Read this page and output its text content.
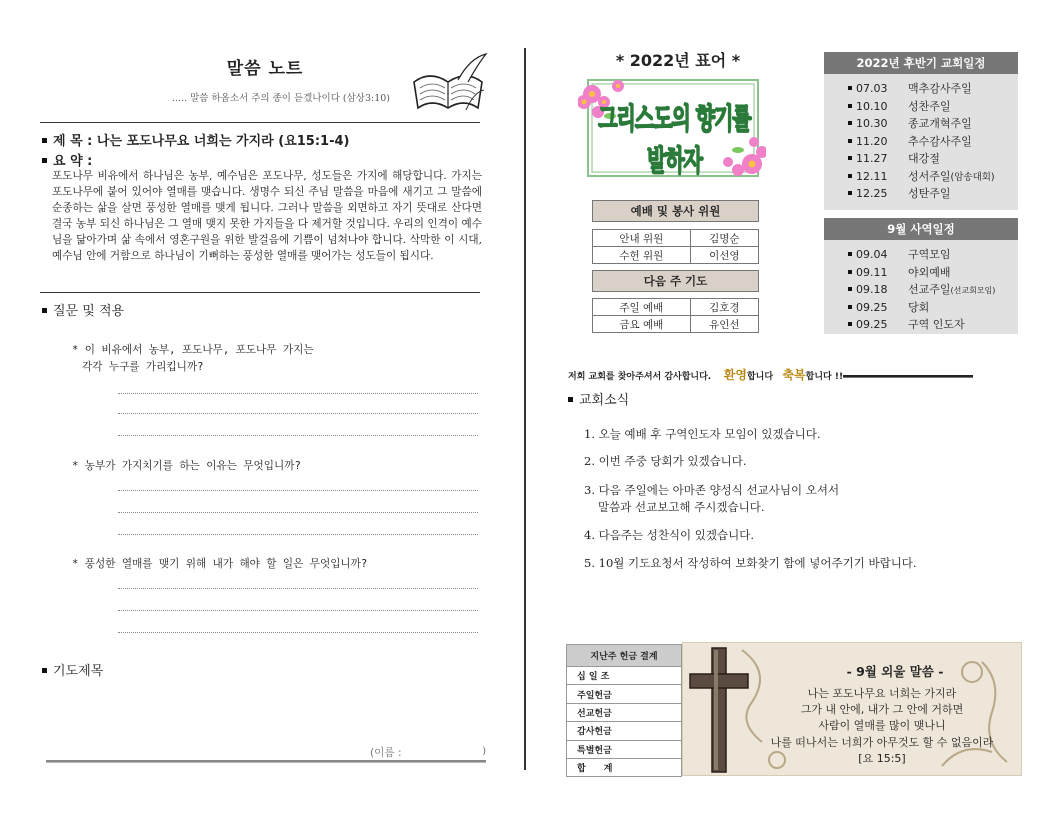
말씀 노트
..... 말씀 하옵소서 주의 종이 듣겠나이다 (삼상3:10)
제 목 : 나는 포도나무요 너희는 가지라 (요15:1-4)
요 약 :
포도나무 비유에서 하나님은 농부, 예수님은 포도나무, 성도들은 가지에 해당합니다. 가지는 포도나무에 붙어 있어야 열매를 맺습니다. 생명수 되신 주님 말씀을 마음에 새기고 그 말씀에 순종하는 삶을 살면 풍성한 열매를 맺게 됩니다. 그러나 말씀을 외면하고 자기 뜻대로 산다면 결국 농부 되신 하나님은 그 열매 맺지 못한 가지들을 다 제거할 것입니다. 우리의 인격이 예수님을 닮아가며 삶 속에서 영혼구원을 위한 발걸음에 기쁨이 넘쳐나야 합니다. 삭막한 이 시대, 예수님 안에 거함으로 하나님이 기뻐하는 풍성한 열매를 맺어가는 성도들이 됩시다.
질문 및 적용
* 이 비유에서 농부, 포도나무, 포도나무 가지는
각각 누구를 가리킵니까?
* 농부가 가지치기를 하는 이유는 무엇입니까?
* 풍성한 열매를 맺기 위해 내가 해야 할 일은 무엇입니까?
기도제목
(이름 :	)
* 2022년 표어 *
그리스도의 향기를 발하자
예배 및 봉사 위원
안내 위원	김명순
수헌 위원	이선영
다음 주 기도
주일 예배	김호경
금요 예배	유인선
2022년 후반기 교회일정
07.03 맥추감사주일
10.10 성찬주일
10.30 종교개혁주일
11.20 추수감사주일
11.27 대강절
12.11 성서주일(암송대회)
12.25 성탄주일
9월 사역일정
09.04 구역모임
09.11 야외예배
09.18 선교주일(선교회모임)
09.25 당회
09.25 구역 인도자
저희 교회를 찾아주셔서 감사합니다. 환영합니다 축복합니다 !!
교회소식
1. 오늘 예배 후 구역인도자 모임이 있겠습니다.
2. 이번 주중 당회가 있겠습니다.
3. 다음 주일에는 아마존 양성식 선교사님이 오셔서
말씀과 선교보고해 주시겠습니다.
4. 다음주는 성찬식이 있겠습니다.
5. 10월 기도요청서 작성하여 보화찾기 함에 넣어주기기 바랍니다.
지난주 헌금 결계
십 일 조
주일헌금
선교헌금
감사헌금
특별헌금
합　　계
- 9월 외울 말씀 -
나는 포도나무요 너희는 가지라
그가 내 안에, 내가 그 안에 거하면
사람이 열매를 많이 맺나니
나를 떠나서는 너희가 아무것도 할 수 없음이라
[요 15:5]
